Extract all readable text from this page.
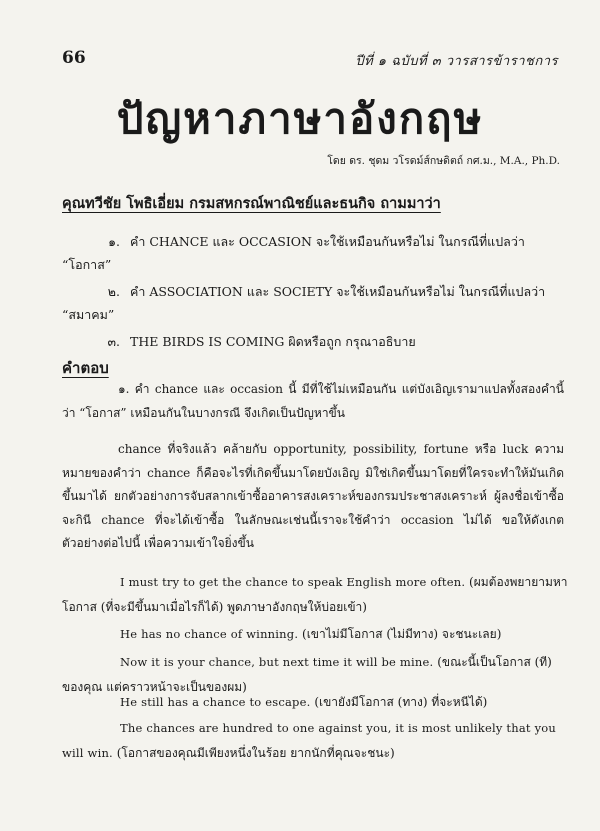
66	ปีที่ ๑ ฉบับที่ ๓ วารสารข้าราชการ
ปัญหาภาษาอังกฤษ
โดย ดร. ชุดม วโรดม์ส์กษดิตถ์ กศ.ม., M.A., Ph.D.
คุณทวีชัย โพธิเอี่ยม กรมสหกรณ์พาณิชย์และธนกิจ ถามมาว่า
๑. คำ CHANCE และ OCCASION จะใช้เหมือนกันหรือไม่ ในกรณีที่แปลว่า
“โอกาส”
๒. คำ ASSOCIATION และ SOCIETY จะใช้เหมือนกันหรือไม่ ในกรณีที่แปลว่า
“สมาคม”
๓. THE BIRDS IS COMING ผิดหรือถูก กรุณาอธิบาย
คำตอบ
๑. คำ chance และ occasion นี้ มีที่ใช้ไม่เหมือนกัน แต่บังเอิญเรามาแปลทั้งสองคำนี้ว่า “โอกาส” เหมือนกันในบางกรณี จึงเกิดเป็นปัญหาขึ้น
chance ที่จริงแล้ว คล้ายกับ opportunity, possibility, fortune หรือ luck ความหมายของคำว่า chance ก็คือจะไรที่เกิดขึ้นมาโดยบังเอิญ มิใช่เกิดขึ้นมาโดยที่ใครจะทำให้มันเกิดขึ้นมาได้ ยกตัวอย่างการจับสลากเข้าซื้ออาคารสงเคราะห์ของกรมประชาสงเคราะห์ ผู้ลงชื่อเข้าซื้อจะกินี chance ที่จะได้เข้าซื้อ ในลักษณะเช่นนี้เราจะใช้คำว่า occasion ไม่ได้ ขอให้ดังเกตตัวอย่างต่อไปนี้ เพื่อความเข้าใจยิ่งขึ้น
I must try to get the chance to speak English more often. (ผมต้องพยายามหาโอกาส (ที่จะมีขึ้นมาเมื่อไรก็ได้) พูดภาษาอังกฤษให้บ่อยเข้า)
He has no chance of winning. (เขาไม่มีโอกาส (ไม่มีทาง) จะชนะเลย)
Now it is your chance, but next time it will be mine. (ขณะนี้เป็นโอกาส (ที) ของคุณ แต่คราวหน้าจะเป็นของผม)
He still has a chance to escape. (เขายังมีโอกาส (ทาง) ที่จะหนีได้)
The chances are hundred to one against you, it is most unlikely that you will win. (โอกาสของคุณมีเพียงหนึ่งในร้อย ยากนักที่คุณจะชนะ)
